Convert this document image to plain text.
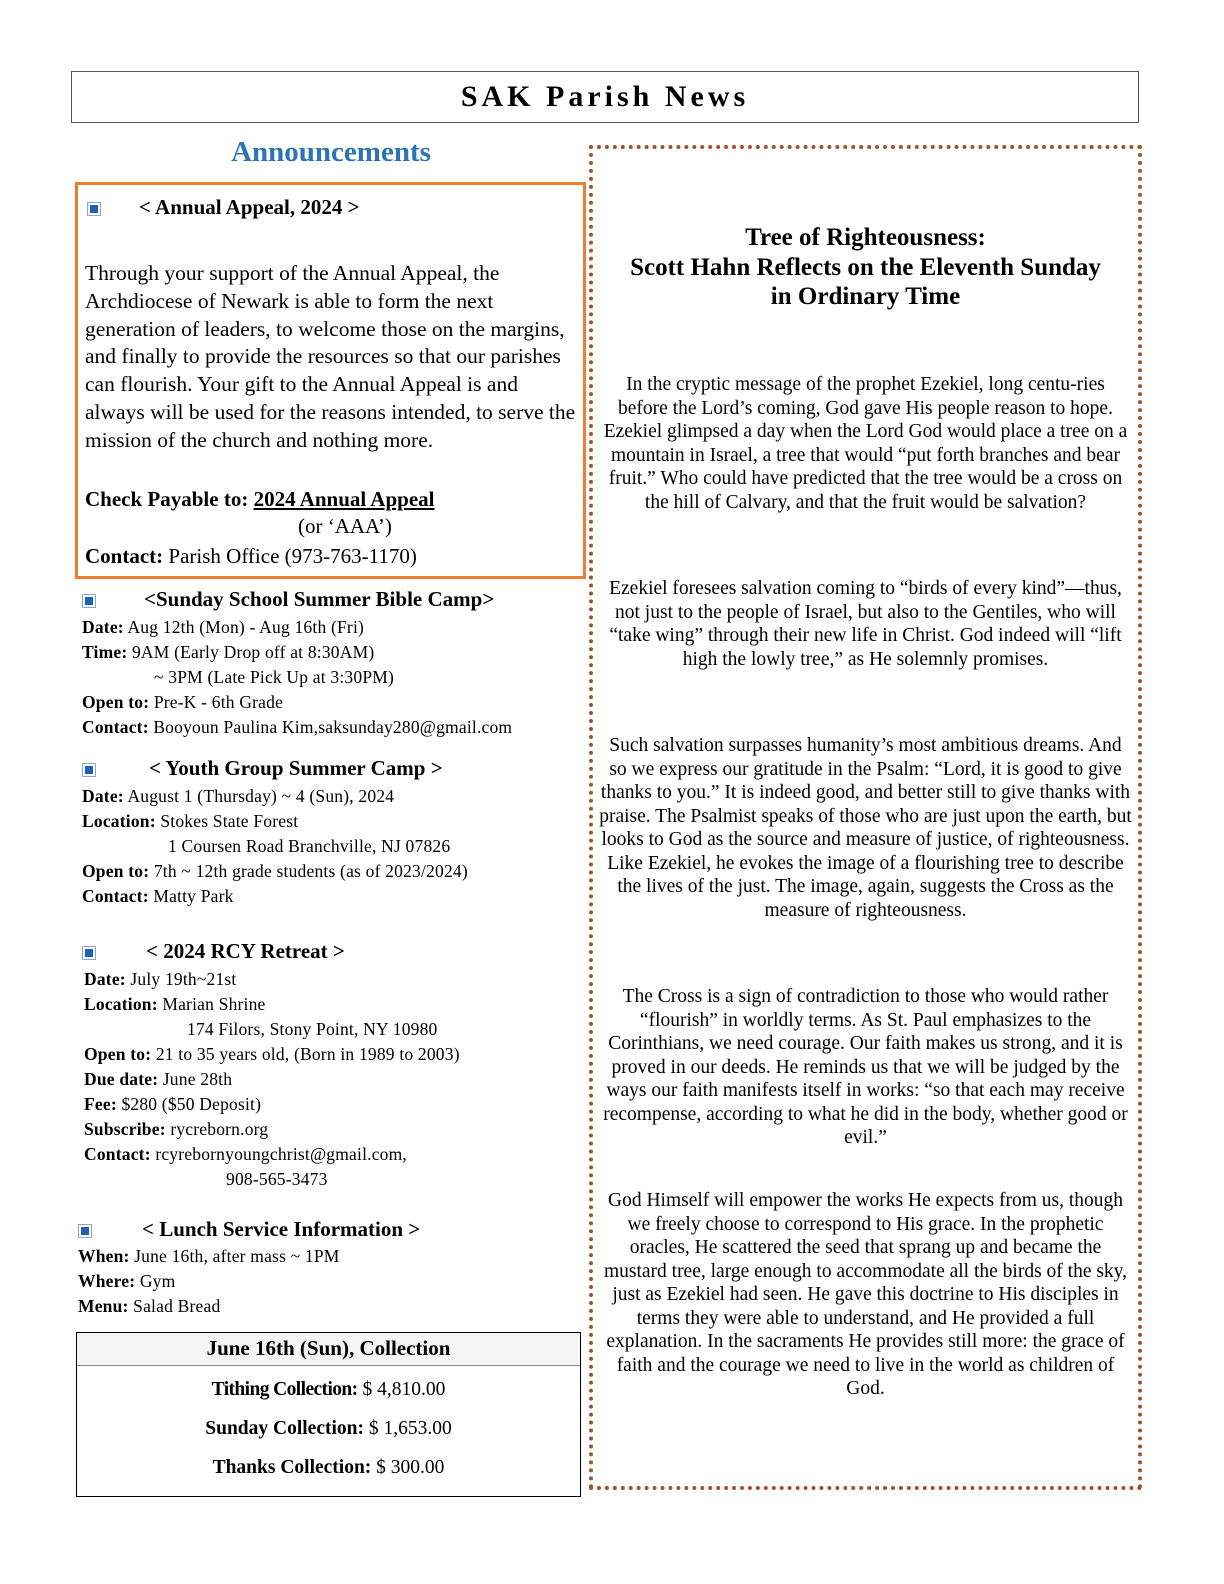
SAK Parish News
Announcements
< Annual Appeal, 2024 >
Through your support of the Annual Appeal, the Archdiocese of Newark is able to form the next generation of leaders, to welcome those on the margins, and finally to provide the resources so that our parishes can flourish. Your gift to the Annual Appeal is and always will be used for the reasons intended, to serve the mission of the church and nothing more.
Check Payable to: 2024 Annual Appeal
(or ‘AAA’)
Contact: Parish Office (973-763-1170)
<Sunday School Summer Bible Camp>
Date: Aug 12th (Mon) - Aug 16th (Fri)
Time: 9AM (Early Drop off at 8:30AM)
~ 3PM (Late Pick Up at 3:30PM)
Open to: Pre-K - 6th Grade
Contact: Booyoun Paulina Kim,saksunday280@gmail.com
< Youth Group Summer Camp >
Date: August 1 (Thursday) ~ 4 (Sun), 2024
Location: Stokes State Forest
1 Coursen Road Branchville, NJ 07826
Open to: 7th ~ 12th grade students (as of 2023/2024)
Contact: Matty Park
< 2024 RCY Retreat >
Date: July 19th~21st
Location: Marian Shrine
174 Filors, Stony Point, NY 10980
Open to: 21 to 35 years old, (Born in 1989 to 2003)
Due date: June 28th
Fee: $280 ($50 Deposit)
Subscribe: rycreborn.org
Contact: rcyrebornyoungchrist@gmail.com,
908-565-3473
< Lunch Service Information >
When: June 16th, after mass ~ 1PM
Where: Gym
Menu: Salad Bread
June 16th (Sun), Collection
Tithing Collection: $ 4,810.00
Sunday Collection: $ 1,653.00
Thanks Collection: $ 300.00
Tree of Righteousness:
Scott Hahn Reflects on the Eleventh Sunday
in Ordinary Time
In the cryptic message of the prophet Ezekiel, long centu-ries before the Lord’s coming, God gave His people reason to hope. Ezekiel glimpsed a day when the Lord God would place a tree on a mountain in Israel, a tree that would “put forth branches and bear fruit.” Who could have predicted that the tree would be a cross on the hill of Calvary, and that the fruit would be salvation?
Ezekiel foresees salvation coming to “birds of every kind”—thus, not just to the people of Israel, but also to the Gentiles, who will “take wing” through their new life in Christ. God indeed will “lift high the lowly tree,” as He solemnly promises.
Such salvation surpasses humanity’s most ambitious dreams. And so we express our gratitude in the Psalm: “Lord, it is good to give thanks to you.” It is indeed good, and better still to give thanks with praise. The Psalmist speaks of those who are just upon the earth, but looks to God as the source and measure of justice, of righteousness. Like Ezekiel, he evokes the image of a flourishing tree to describe the lives of the just. The image, again, suggests the Cross as the measure of righteousness.
The Cross is a sign of contradiction to those who would rather “flourish” in worldly terms. As St. Paul emphasizes to the Corinthians, we need courage. Our faith makes us strong, and it is proved in our deeds. He reminds us that we will be judged by the ways our faith manifests itself in works: “so that each may receive recompense, according to what he did in the body, whether good or evil.”
God Himself will empower the works He expects from us, though we freely choose to correspond to His grace. In the prophetic oracles, He scattered the seed that sprang up and became the mustard tree, large enough to accommodate all the birds of the sky, just as Ezekiel had seen. He gave this doctrine to His disciples in terms they were able to understand, and He provided a full explanation. In the sacraments He provides still more: the grace of faith and the courage we need to live in the world as children of God.
